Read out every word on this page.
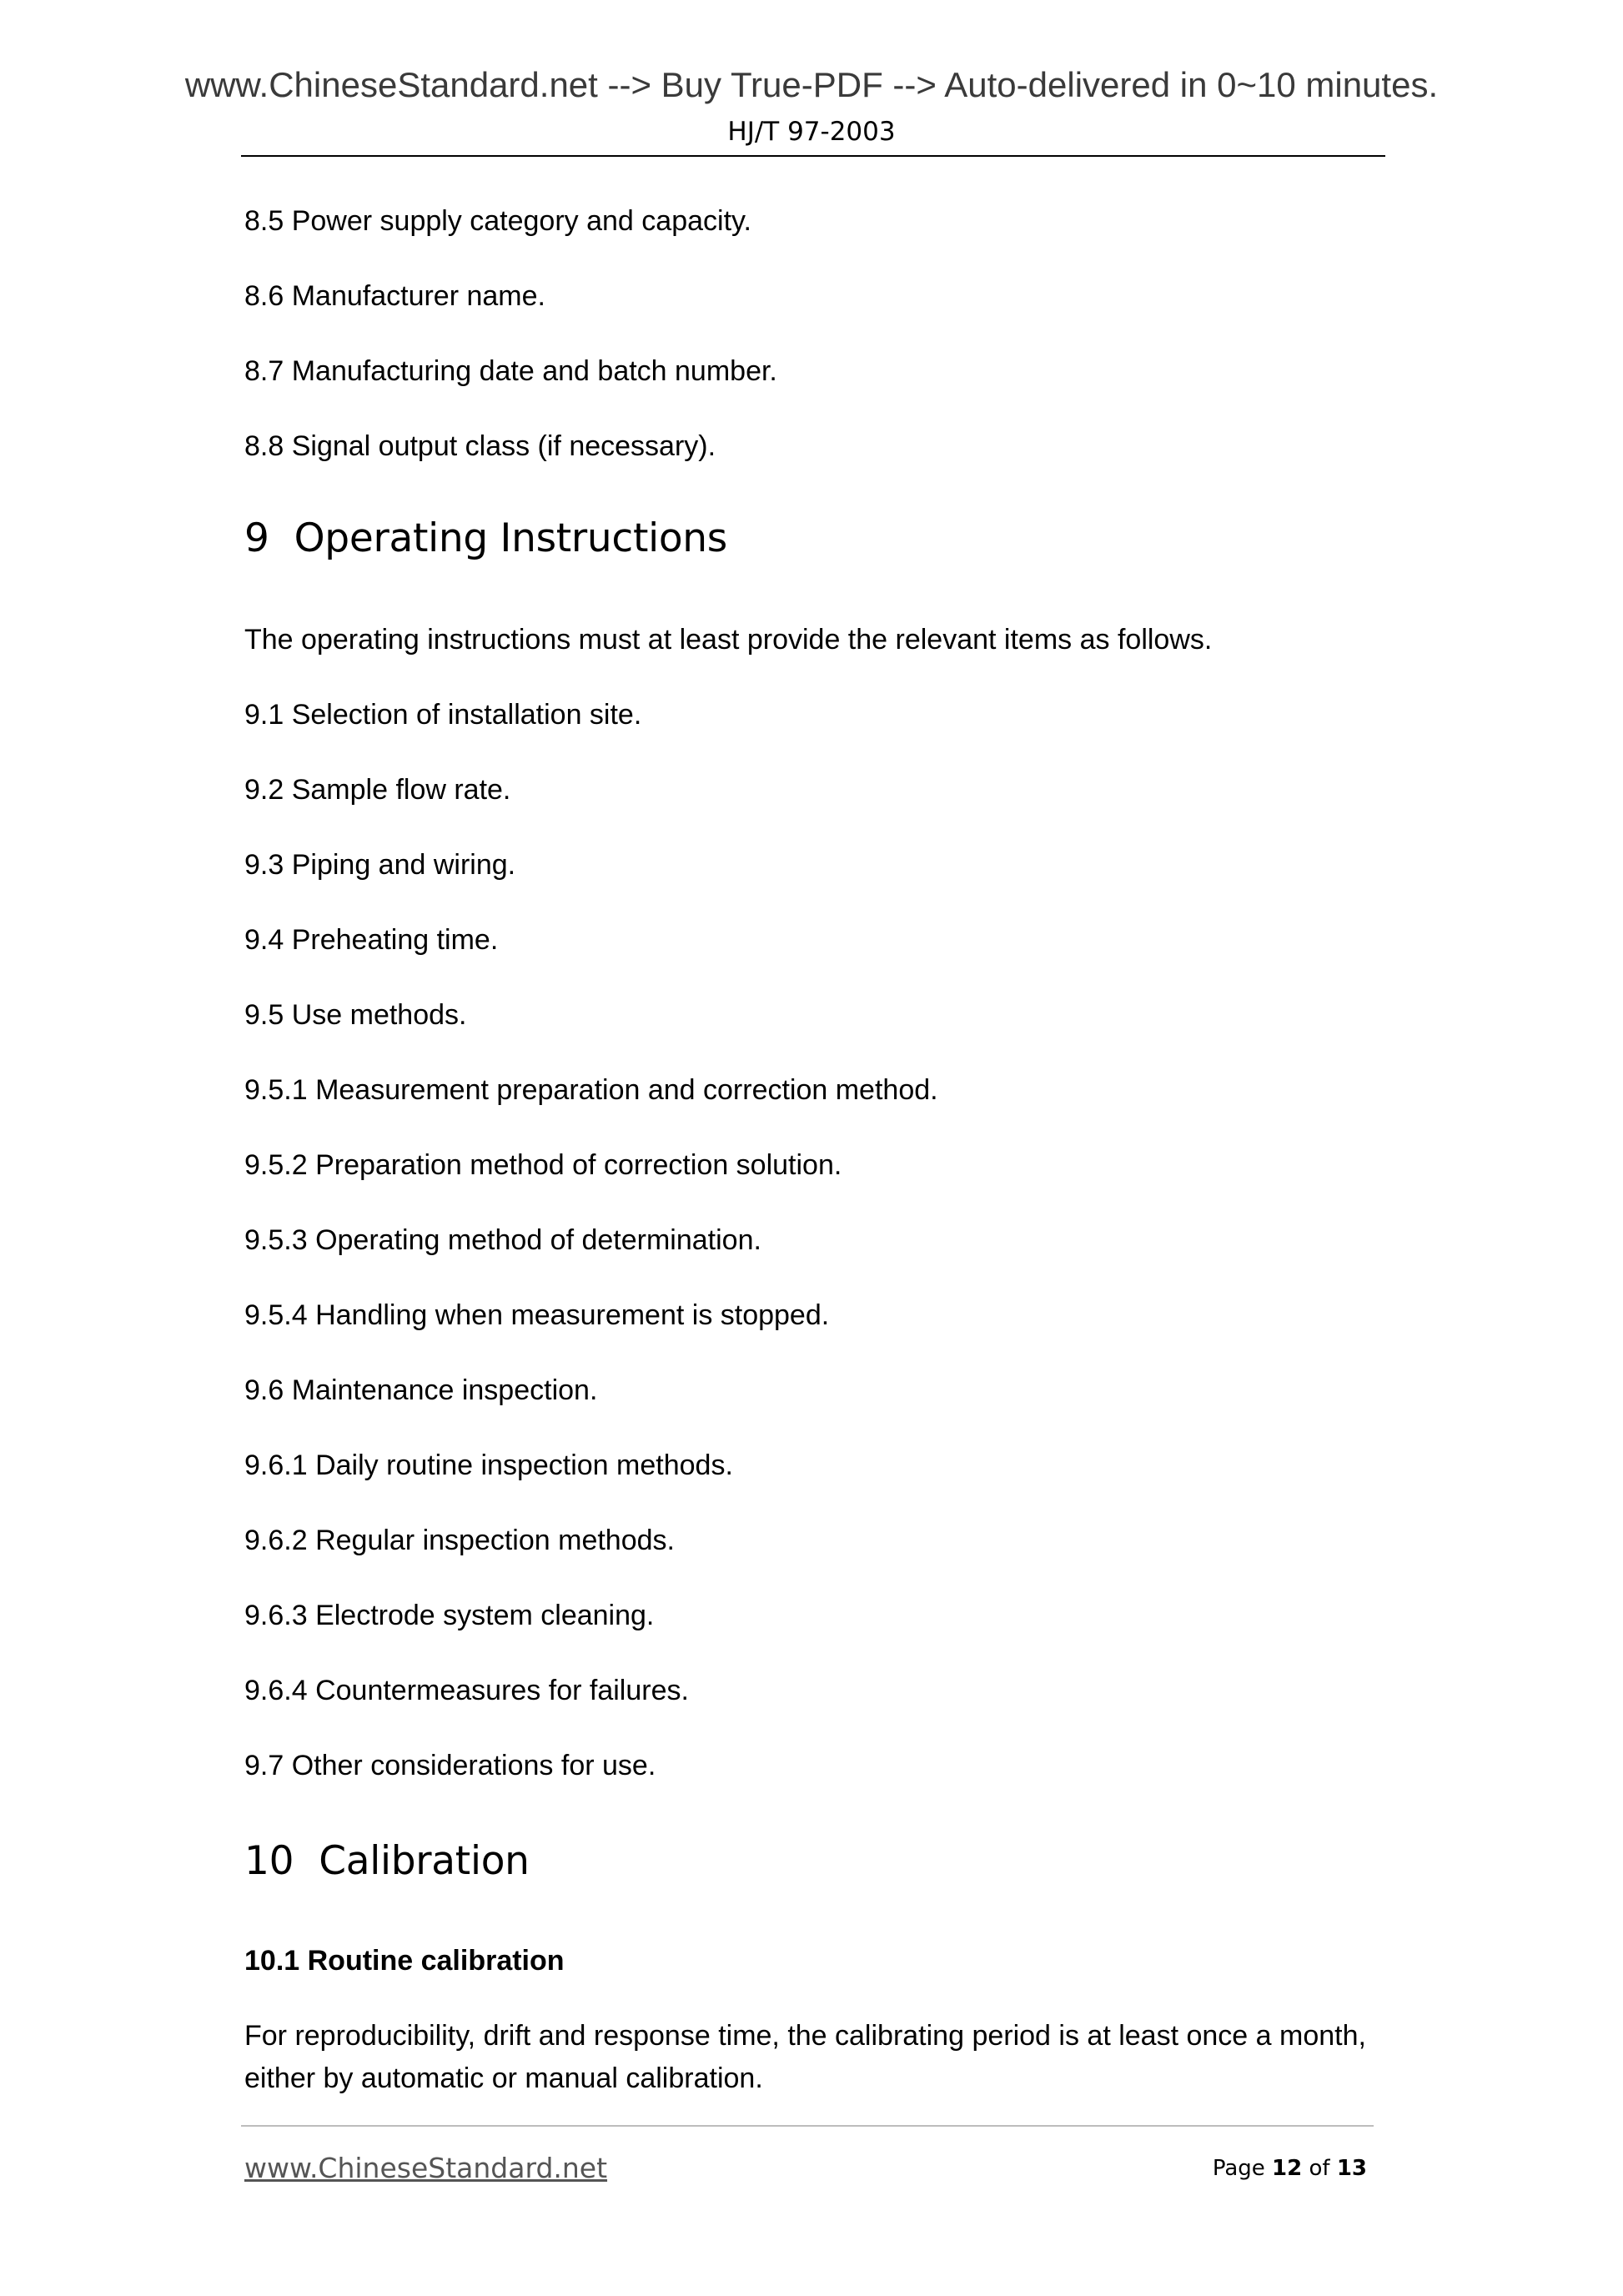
www.ChineseStandard.net --> Buy True-PDF --> Auto-delivered in 0~10 minutes.
HJ/T 97-2003

8.5 Power supply category and capacity.

8.6 Manufacturer name.

8.7 Manufacturing date and batch number.

8.8 Signal output class (if necessary).

9 Operating Instructions

The operating instructions must at least provide the relevant items as follows.

9.1 Selection of installation site.

9.2 Sample flow rate.

9.3 Piping and wiring.

9.4 Preheating time.

9.5 Use methods.

9.5.1 Measurement preparation and correction method.

9.5.2 Preparation method of correction solution.

9.5.3 Operating method of determination.

9.5.4 Handling when measurement is stopped.

9.6 Maintenance inspection.

9.6.1 Daily routine inspection methods.

9.6.2 Regular inspection methods.

9.6.3 Electrode system cleaning.

9.6.4 Countermeasures for failures.

9.7 Other considerations for use.

10 Calibration
10.1 Routine calibration

For reproducibility, drift and response time, the calibrating period is at least once a month, either by automatic or manual calibration.

www.ChineseStandard.net	Page 12 of 13
